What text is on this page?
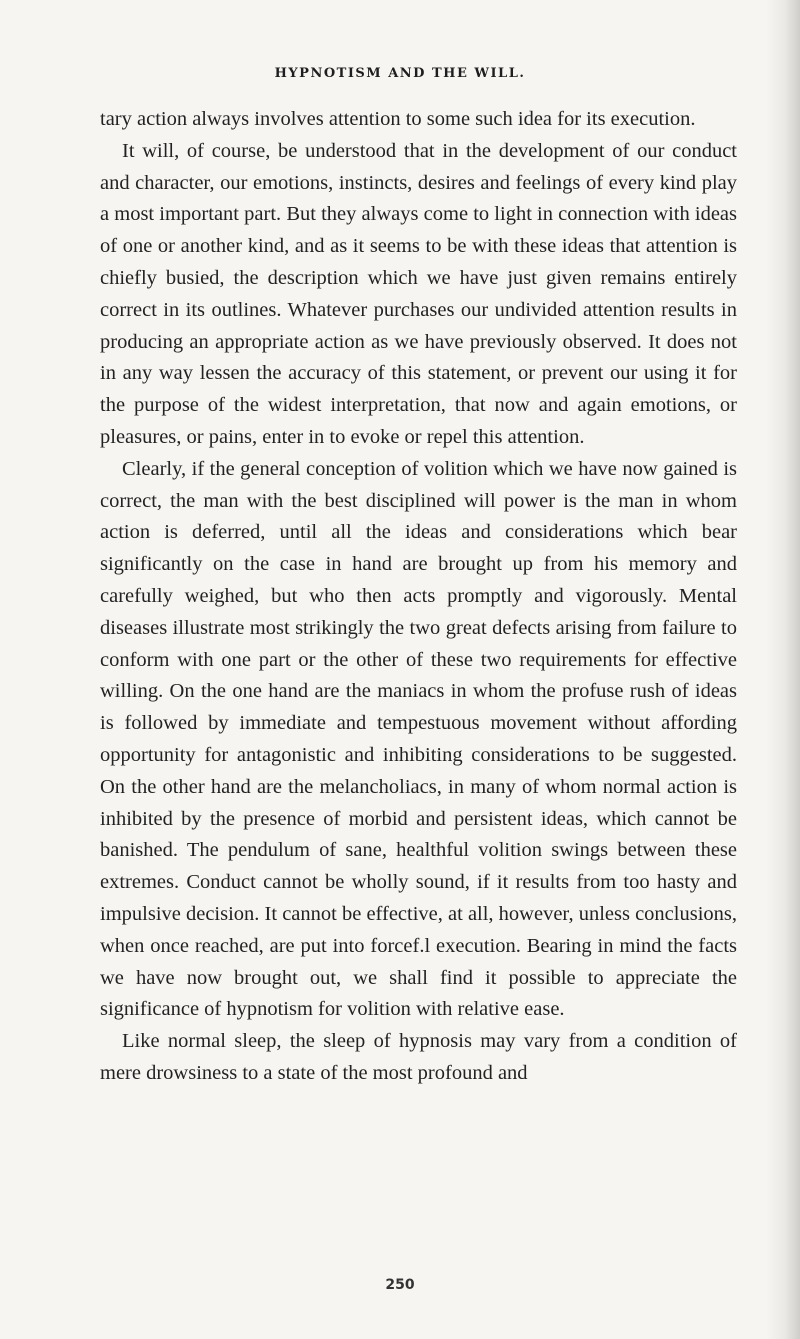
HYPNOTISM AND THE WILL.

tary action always involves attention to some such idea for its execution.

It will, of course, be understood that in the development of our conduct and character, our emotions, instincts, desires and feelings of every kind play a most important part. But they always come to light in connection with ideas of one or another kind, and as it seems to be with these ideas that attention is chiefly busied, the description which we have just given remains entirely correct in its outlines. Whatever purchases our undivided attention results in producing an appropriate action as we have previously observed. It does not in any way lessen the accuracy of this statement, or prevent our using it for the purpose of the widest interpretation, that now and again emotions, or pleasures, or pains, enter in to evoke or repel this attention.

Clearly, if the general conception of volition which we have now gained is correct, the man with the best disciplined will power is the man in whom action is deferred, until all the ideas and considerations which bear significantly on the case in hand are brought up from his memory and carefully weighed, but who then acts promptly and vigorously. Mental diseases illustrate most strikingly the two great defects arising from failure to conform with one part or the other of these two requirements for effective willing. On the one hand are the maniacs in whom the profuse rush of ideas is followed by immediate and tempestuous movement without affording opportunity for antagonistic and inhibiting considerations to be suggested. On the other hand are the melancholiacs, in many of whom normal action is inhibited by the presence of morbid and persistent ideas, which cannot be banished. The pendulum of sane, healthful volition swings between these extremes. Conduct cannot be wholly sound, if it results from too hasty and impulsive decision. It cannot be effective, at all, however, unless conclusions, when once reached, are put into forcef.l execution. Bearing in mind the facts we have now brought out, we shall find it possible to appreciate the significance of hypnotism for volition with relative ease.

Like normal sleep, the sleep of hypnosis may vary from a condition of mere drowsiness to a state of the most profound and

250
